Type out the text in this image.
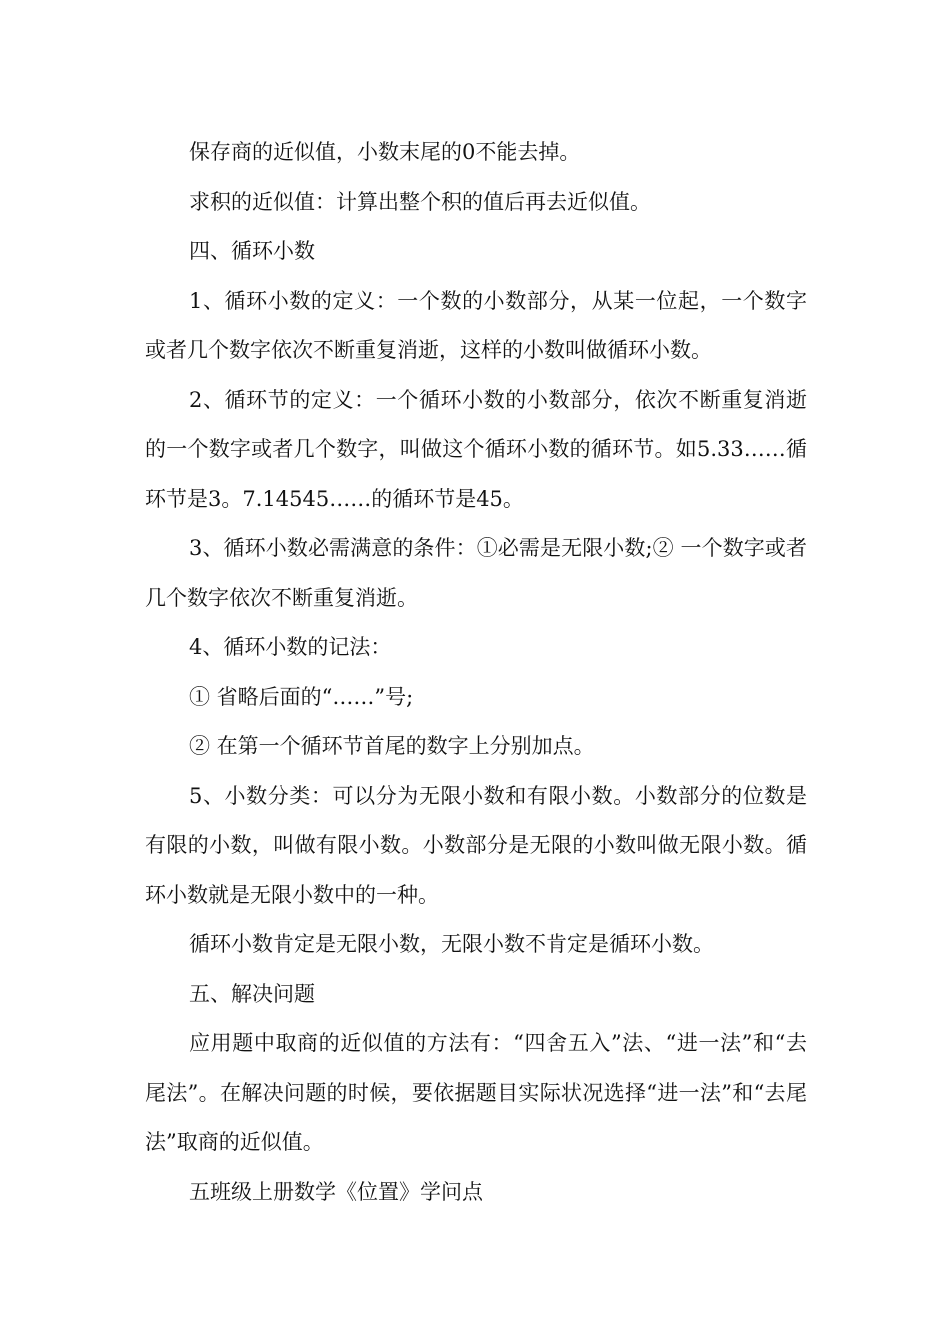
保存商的近似值，小数末尾的0不能去掉。

求积的近似值：计算出整个积的值后再去近似值。

四、循环小数

1、循环小数的定义：一个数的小数部分，从某一位起，一个数字或者几个数字依次不断重复消逝，这样的小数叫做循环小数。

2、循环节的定义：一个循环小数的小数部分，依次不断重复消逝的一个数字或者几个数字，叫做这个循环小数的循环节。如5.33……循环节是3。7.14545……的循环节是45。

3、循环小数必需满意的条件：①必需是无限小数;② 一个数字或者几个数字依次不断重复消逝。

4、循环小数的记法：

① 省略后面的“……”号;

② 在第一个循环节首尾的数字上分别加点。

5、小数分类：可以分为无限小数和有限小数。小数部分的位数是有限的小数，叫做有限小数。小数部分是无限的小数叫做无限小数。循环小数就是无限小数中的一种。

循环小数肯定是无限小数，无限小数不肯定是循环小数。

五、解决问题

应用题中取商的近似值的方法有：“四舍五入”法、“进一法”和“去尾法”。在解决问题的时候，要依据题目实际状况选择“进一法”和“去尾法”取商的近似值。

五班级上册数学《位置》学问点
